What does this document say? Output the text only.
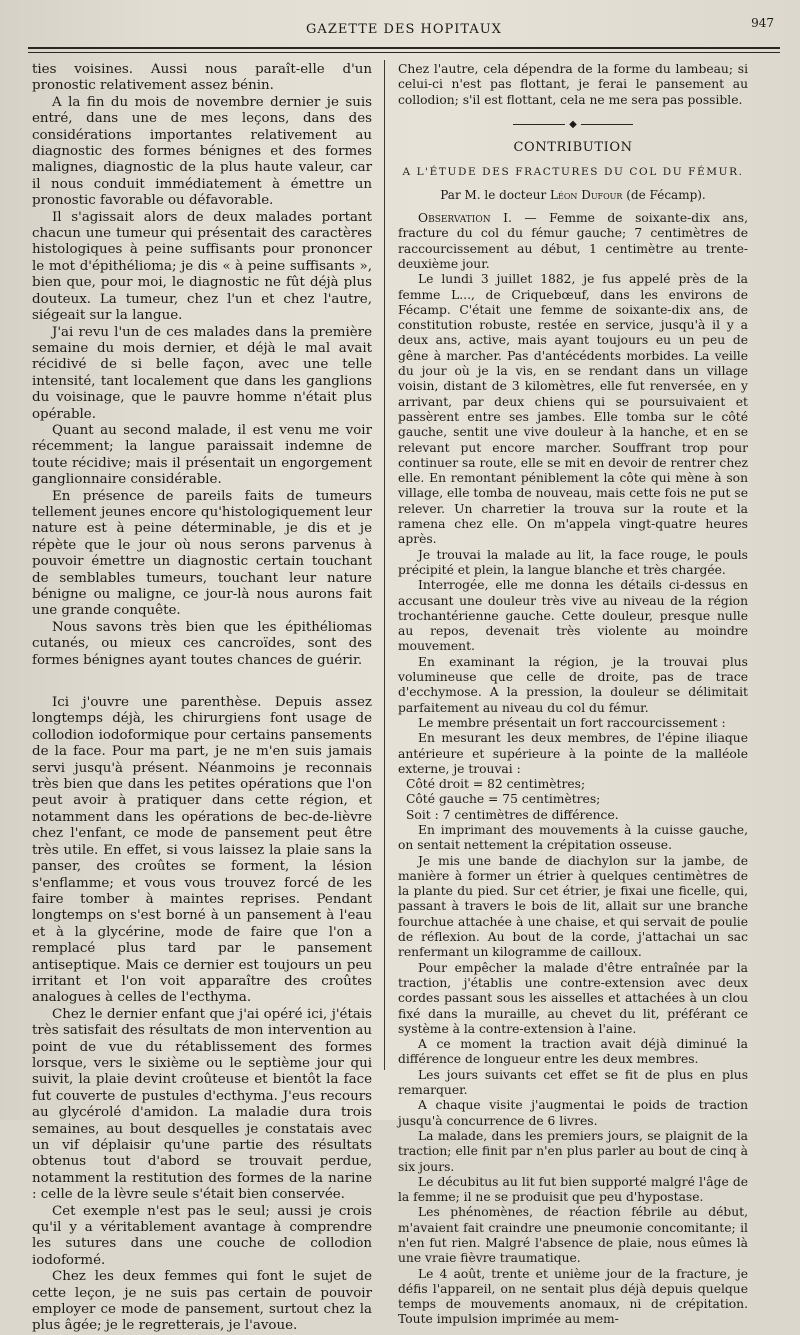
GAZETTE DES HOPITAUX	947

ties voisines. Aussi nous paraît-elle d'un pronostic relativement assez bénin.

A la fin du mois de novembre dernier je suis entré, dans une de mes leçons, dans des considérations importantes relativement au diagnostic des formes bénignes et des formes malignes, diagnostic de la plus haute valeur, car il nous conduit immédiatement à émettre un pronostic favorable ou défavorable.

Il s'agissait alors de deux malades portant chacun une tumeur qui présentait des caractères histologiques à peine suffisants pour prononcer le mot d'épithélioma; je dis « à peine suffisants », bien que, pour moi, le diagnostic ne fût déjà plus douteux. La tumeur, chez l'un et chez l'autre, siégeait sur la langue.

J'ai revu l'un de ces malades dans la première semaine du mois dernier, et déjà le mal avait récidivé de si belle façon, avec une telle intensité, tant localement que dans les ganglions du voisinage, que le pauvre homme n'était plus opérable.

Quant au second malade, il est venu me voir récemment; la langue paraissait indemne de toute récidive; mais il présentait un engorgement ganglionnaire considérable.

En présence de pareils faits de tumeurs tellement jeunes encore qu'histologiquement leur nature est à peine déterminable, je dis et je répète que le jour où nous serons parvenus à pouvoir émettre un diagnostic certain touchant de semblables tumeurs, touchant leur nature bénigne ou maligne, ce jour-là nous aurons fait une grande conquête.

Nous savons très bien que les épithéliomas cutanés, ou mieux ces cancroïdes, sont des formes bénignes ayant toutes chances de guérir.

Ici j'ouvre une parenthèse. Depuis assez longtemps déjà, les chirurgiens font usage de collodion iodoformique pour certains pansements de la face. Pour ma part, je ne m'en suis jamais servi jusqu'à présent. Néanmoins je reconnais très bien que dans les petites opérations que l'on peut avoir à pratiquer dans cette région, et notamment dans les opérations de bec-de-lièvre chez l'enfant, ce mode de pansement peut être très utile. En effet, si vous laissez la plaie sans la panser, des croûtes se forment, la lésion s'enflamme; et vous vous trouvez forcé de les faire tomber à maintes reprises. Pendant longtemps on s'est borné à un pansement à l'eau et à la glycérine, mode de faire que l'on a remplacé plus tard par le pansement antiseptique. Mais ce dernier est toujours un peu irritant et l'on voit apparaître des croûtes analogues à celles de l'ecthyma.

Chez le dernier enfant que j'ai opéré ici, j'étais très satisfait des résultats de mon intervention au point de vue du rétablissement des formes lorsque, vers le sixième ou le septième jour qui suivit, la plaie devint croûteuse et bientôt la face fut couverte de pustules d'ecthyma. J'eus recours au glycérolé d'amidon. La maladie dura trois semaines, au bout desquelles je constatais avec un vif déplaisir qu'une partie des résultats obtenus tout d'abord se trouvait perdue, notamment la restitution des formes de la narine : celle de la lèvre seule s'était bien conservée.

Cet exemple n'est pas le seul; aussi je crois qu'il y a véritablement avantage à comprendre les sutures dans une couche de collodion iodoformé.

Chez les deux femmes qui font le sujet de cette leçon, je ne suis pas certain de pouvoir employer ce mode de pansement, surtout chez la plus âgée; je le regretterais, je l'avoue.

Chez l'autre, cela dépendra de la forme du lambeau; si celui-ci n'est pas flottant, je ferai le pansement au collodion; s'il est flottant, cela ne me sera pas possible.

◆
CONTRIBUTION
A L'ÉTUDE DES FRACTURES DU COL DU FÉMUR.
Par M. le docteur Léon Dufour (de Fécamp).

Observation I. — Femme de soixante-dix ans, fracture du col du fémur gauche; 7 centimètres de raccourcissement au début, 1 centimètre au trente-deuxième jour.

Le lundi 3 juillet 1882, je fus appelé près de la femme L..., de Criquebœuf, dans les environs de Fécamp. C'était une femme de soixante-dix ans, de constitution robuste, restée en service, jusqu'à il y a deux ans, active, mais ayant toujours eu un peu de gêne à marcher. Pas d'antécédents morbides. La veille du jour où je la vis, en se rendant dans un village voisin, distant de 3 kilomètres, elle fut renversée, en y arrivant, par deux chiens qui se poursuivaient et passèrent entre ses jambes. Elle tomba sur le côté gauche, sentit une vive douleur à la hanche, et en se relevant put encore marcher. Souffrant trop pour continuer sa route, elle se mit en devoir de rentrer chez elle. En remontant péniblement la côte qui mène à son village, elle tomba de nouveau, mais cette fois ne put se relever. Un charretier la trouva sur la route et la ramena chez elle. On m'appela vingt-quatre heures après.

Je trouvai la malade au lit, la face rouge, le pouls précipité et plein, la langue blanche et très chargée.

Interrogée, elle me donna les détails ci-dessus en accusant une douleur très vive au niveau de la région trochantérienne gauche. Cette douleur, presque nulle au repos, devenait très violente au moindre mouvement.

En examinant la région, je la trouvai plus volumineuse que celle de droite, pas de trace d'ecchymose. A la pression, la douleur se délimitait parfaitement au niveau du col du fémur.

Le membre présentait un fort raccourcissement :

En mesurant les deux membres, de l'épine iliaque antérieure et supérieure à la pointe de la malléole externe, je trouvai :

Côté droit = 82 centimètres;

Côté gauche = 75 centimètres;

Soit : 7 centimètres de différence.

En imprimant des mouvements à la cuisse gauche, on sentait nettement la crépitation osseuse.

Je mis une bande de diachylon sur la jambe, de manière à former un étrier à quelques centimètres de la plante du pied. Sur cet étrier, je fixai une ficelle, qui, passant à travers le bois de lit, allait sur une branche fourchue attachée à une chaise, et qui servait de poulie de réflexion. Au bout de la corde, j'attachai un sac renfermant un kilogramme de cailloux.

Pour empêcher la malade d'être entraînée par la traction, j'établis une contre-extension avec deux cordes passant sous les aisselles et attachées à un clou fixé dans la muraille, au chevet du lit, préférant ce système à la contre-extension à l'aine.

A ce moment la traction avait déjà diminué la différence de longueur entre les deux membres.

Les jours suivants cet effet se fit de plus en plus remarquer.

A chaque visite j'augmentai le poids de traction jusqu'à concurrence de 6 livres.

La malade, dans les premiers jours, se plaignit de la traction; elle finit par n'en plus parler au bout de cinq à six jours.

Le décubitus au lit fut bien supporté malgré l'âge de la femme; il ne se produisit que peu d'hypostase.

Les phénomènes, de réaction fébrile au début, m'avaient fait craindre une pneumonie concomitante; il n'en fut rien. Malgré l'absence de plaie, nous eûmes là une vraie fièvre traumatique.

Le 4 août, trente et unième jour de la fracture, je défis l'appareil, on ne sentait plus déjà depuis quelque temps de mouvements anomaux, ni de crépitation. Toute impulsion imprimée au mem-
